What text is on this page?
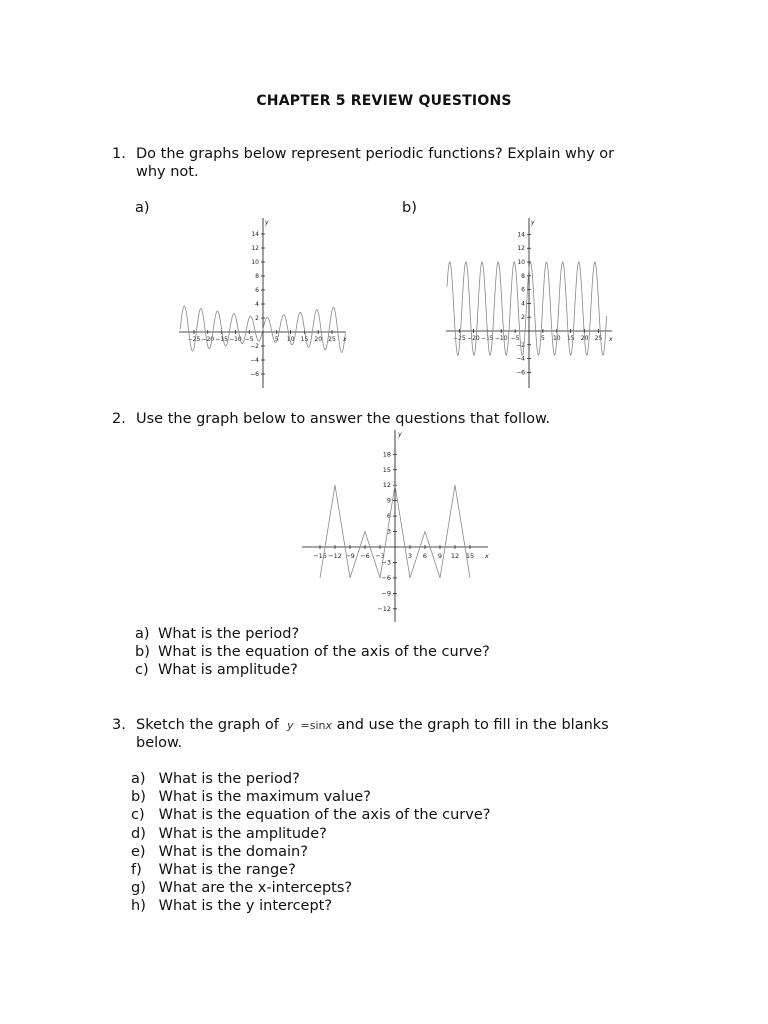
CHAPTER 5 REVIEW QUESTIONS
1. Do the graphs below represent periodic functions? Explain why or
why not.
a)	b)
−25 −20 −15 −10 −5	5 10 15 20 25
14
12
10
8
6
4
2
−2
−4
−6
x
y
−25 −20 −15 −10 −5	5 10 15 20 25
14
12
10
8
6
4
2
−2
−4
−6
x
y
2. Use the graph below to answer the questions that follow.
−15 −12 −9 −6 −3	3 6 9 12 15
18
15
12
9
6
3
−3
−6
−9
−12
x
y
a) What is the period?
b) What is the equation of the axis of the curve?
c) What is amplitude?
3. Sketch the graph of y =sinx and use the graph to fill in the blanks
below.
a) What is the period?
b) What is the maximum value?
c) What is the equation of the axis of the curve?
d) What is the amplitude?
e) What is the domain?
f) What is the range?
g) What are the x-intercepts?
h) What is the y intercept?
